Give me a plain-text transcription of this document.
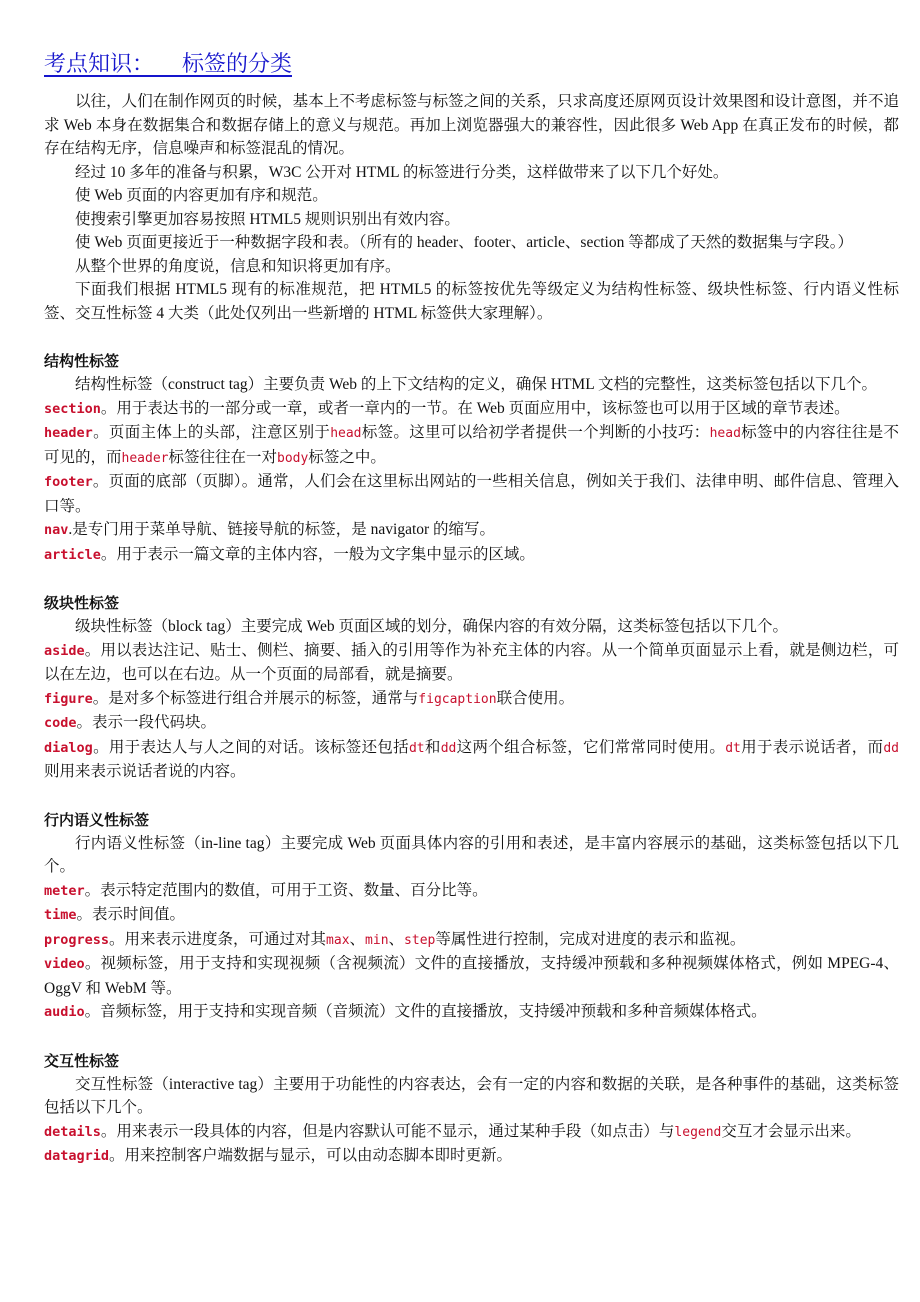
考点知识：    标签的分类

以往，人们在制作网页的时候，基本上不考虑标签与标签之间的关系，只求高度还原网页设计效果图和设计意图，并不追求 Web 本身在数据集合和数据存储上的意义与规范。再加上浏览器强大的兼容性，因此很多 Web App 在真正发布的时候，都存在结构无序，信息噪声和标签混乱的情况。

经过 10 多年的准备与积累，W3C 公开对 HTML 的标签进行分类，这样做带来了以下几个好处。

使 Web 页面的内容更加有序和规范。

使搜索引擎更加容易按照 HTML5 规则识别出有效内容。

使 Web 页面更接近于一种数据字段和表。（所有的 header、footer、article、section 等都成了天然的数据集与字段。）

从整个世界的角度说，信息和知识将更加有序。

下面我们根据 HTML5 现有的标准规范，把 HTML5 的标签按优先等级定义为结构性标签、级块性标签、行内语义性标签、交互性标签 4 大类（此处仅列出一些新增的 HTML 标签供大家理解）。

结构性标签

结构性标签（construct tag）主要负责 Web 的上下文结构的定义，确保 HTML 文档的完整性，这类标签包括以下几个。

section。用于表达书的一部分或一章，或者一章内的一节。在 Web 页面应用中，该标签也可以用于区域的章节表述。

header。页面主体上的头部，注意区别于head标签。这里可以给初学者提供一个判断的小技巧：head标签中的内容往往是不可见的，而header标签往往在一对body标签之中。

footer。页面的底部（页脚）。通常，人们会在这里标出网站的一些相关信息，例如关于我们、法律申明、邮件信息、管理入口等。

nav.是专门用于菜单导航、链接导航的标签，是 navigator 的缩写。

article。用于表示一篇文章的主体内容，一般为文字集中显示的区域。

级块性标签

级块性标签（block tag）主要完成 Web 页面区域的划分，确保内容的有效分隔，这类标签包括以下几个。

aside。用以表达注记、贴士、侧栏、摘要、插入的引用等作为补充主体的内容。从一个简单页面显示上看，就是侧边栏，可以在左边，也可以在右边。从一个页面的局部看，就是摘要。

figure。是对多个标签进行组合并展示的标签，通常与figcaption联合使用。

code。表示一段代码块。

dialog。用于表达人与人之间的对话。该标签还包括dt和dd这两个组合标签，它们常常同时使用。dt用于表示说话者，而dd则用来表示说话者说的内容。

行内语义性标签

行内语义性标签（in-line tag）主要完成 Web 页面具体内容的引用和表述，是丰富内容展示的基础，这类标签包括以下几个。

meter。表示特定范围内的数值，可用于工资、数量、百分比等。

time。表示时间值。

progress。用来表示进度条，可通过对其max、min、step等属性进行控制，完成对进度的表示和监视。

video。视频标签，用于支持和实现视频（含视频流）文件的直接播放，支持缓冲预载和多种视频媒体格式，例如 MPEG-4、OggV 和 WebM 等。

audio。音频标签，用于支持和实现音频（音频流）文件的直接播放，支持缓冲预载和多种音频媒体格式。

交互性标签

交互性标签（interactive tag）主要用于功能性的内容表达，会有一定的内容和数据的关联，是各种事件的基础，这类标签包括以下几个。

details。用来表示一段具体的内容，但是内容默认可能不显示，通过某种手段（如点击）与legend交互才会显示出来。

datagrid。用来控制客户端数据与显示，可以由动态脚本即时更新。
